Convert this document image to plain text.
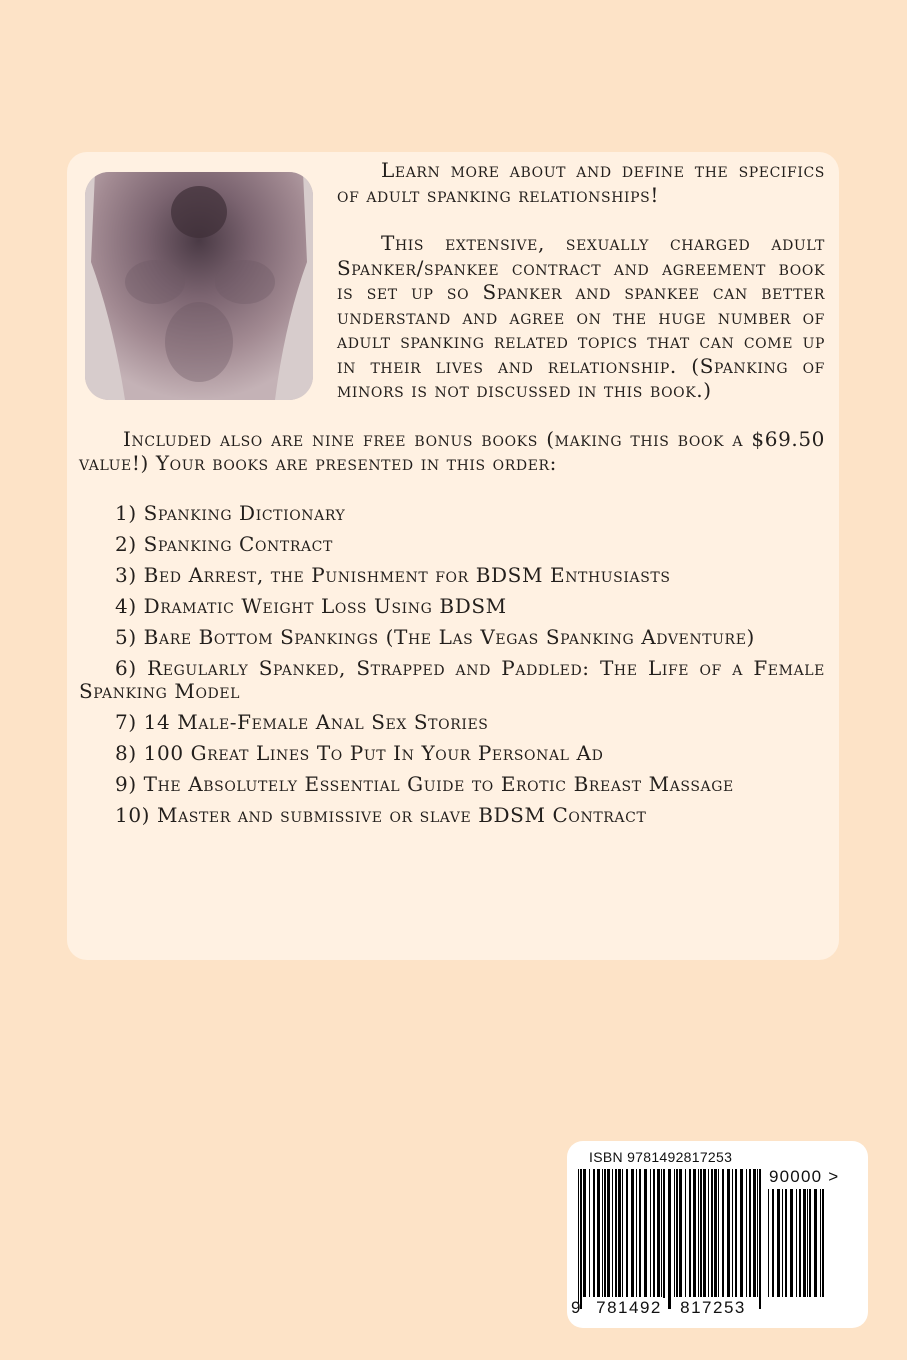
Learn more about and define the specifics of adult spanking relationships!

This extensive, sexually charged adult Spanker/spankee contract and agreement book is set up so Spanker and spankee can better understand and agree on the huge number of adult spanking related topics that can come up in their lives and relationship. (Spanking of minors is not discussed in this book.)

Included also are nine free bonus books (making this book a $69.50 value!) Your books are presented in this order:

1) Spanking Dictionary
2) Spanking Contract
3) Bed Arrest, the Punishment for BDSM Enthusiasts
4) Dramatic Weight Loss Using BDSM
5) Bare Bottom Spankings (The Las Vegas Spanking Adventure)
6) Regularly Spanked, Strapped and Paddled: The Life of a Female Spanking Model
7) 14 Male-Female Anal Sex Stories
8) 100 Great Lines To Put In Your Personal Ad
9) The Absolutely Essential Guide to Erotic Breast Massage
10) Master and submissive or slave BDSM Contract
ISBN 9781492817253
90000 >
9 781492	817253
